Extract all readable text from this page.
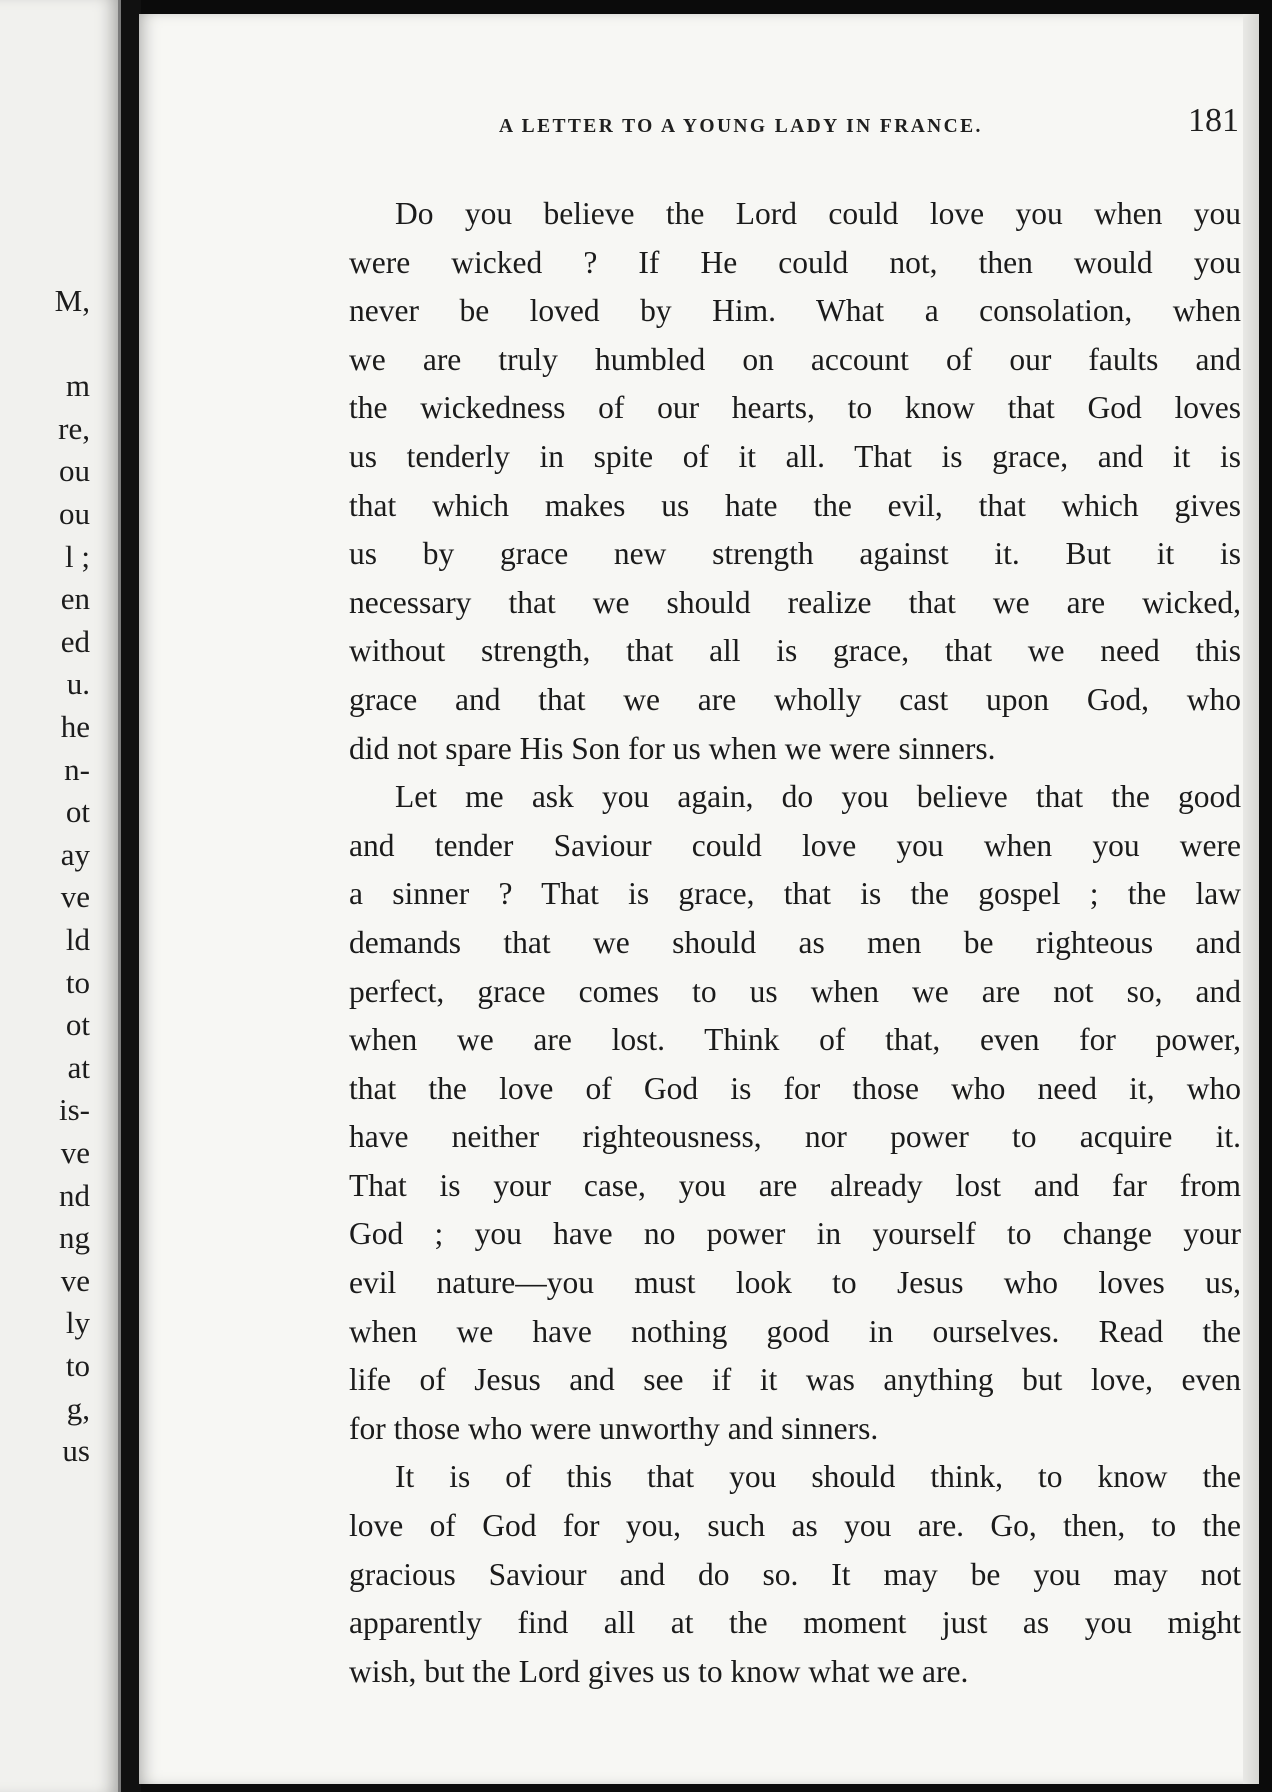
M,
m
re,
ou
ou
l ;
en
ed
u.
he
n-
ot
ay
ve
ld
to
ot
at
is-
ve
nd
ng
ve
ly
to
g,
us
A LETTER TO A YOUNG LADY IN FRANCE.	181
Do you believe the Lord could love you when you
were wicked ? If He could not, then would you
never be loved by Him. What a consolation, when
we are truly humbled on account of our faults and
the wickedness of our hearts, to know that God loves
us tenderly in spite of it all. That is grace, and it is
that which makes us hate the evil, that which gives
us by grace new strength against it. But it is
necessary that we should realize that we are wicked,
without strength, that all is grace, that we need this
grace and that we are wholly cast upon God, who
did not spare His Son for us when we were sinners.
Let me ask you again, do you believe that the good
and tender Saviour could love you when you were
a sinner ? That is grace, that is the gospel ; the law
demands that we should as men be righteous and
perfect, grace comes to us when we are not so, and
when we are lost. Think of that, even for power,
that the love of God is for those who need it, who
have neither righteousness, nor power to acquire it.
That is your case, you are already lost and far from
God ; you have no power in yourself to change your
evil nature—you must look to Jesus who loves us,
when we have nothing good in ourselves. Read the
life of Jesus and see if it was anything but love, even
for those who were unworthy and sinners.
It is of this that you should think, to know the
love of God for you, such as you are. Go, then, to the
gracious Saviour and do so. It may be you may not
apparently find all at the moment just as you might
wish, but the Lord gives us to know what we are.
